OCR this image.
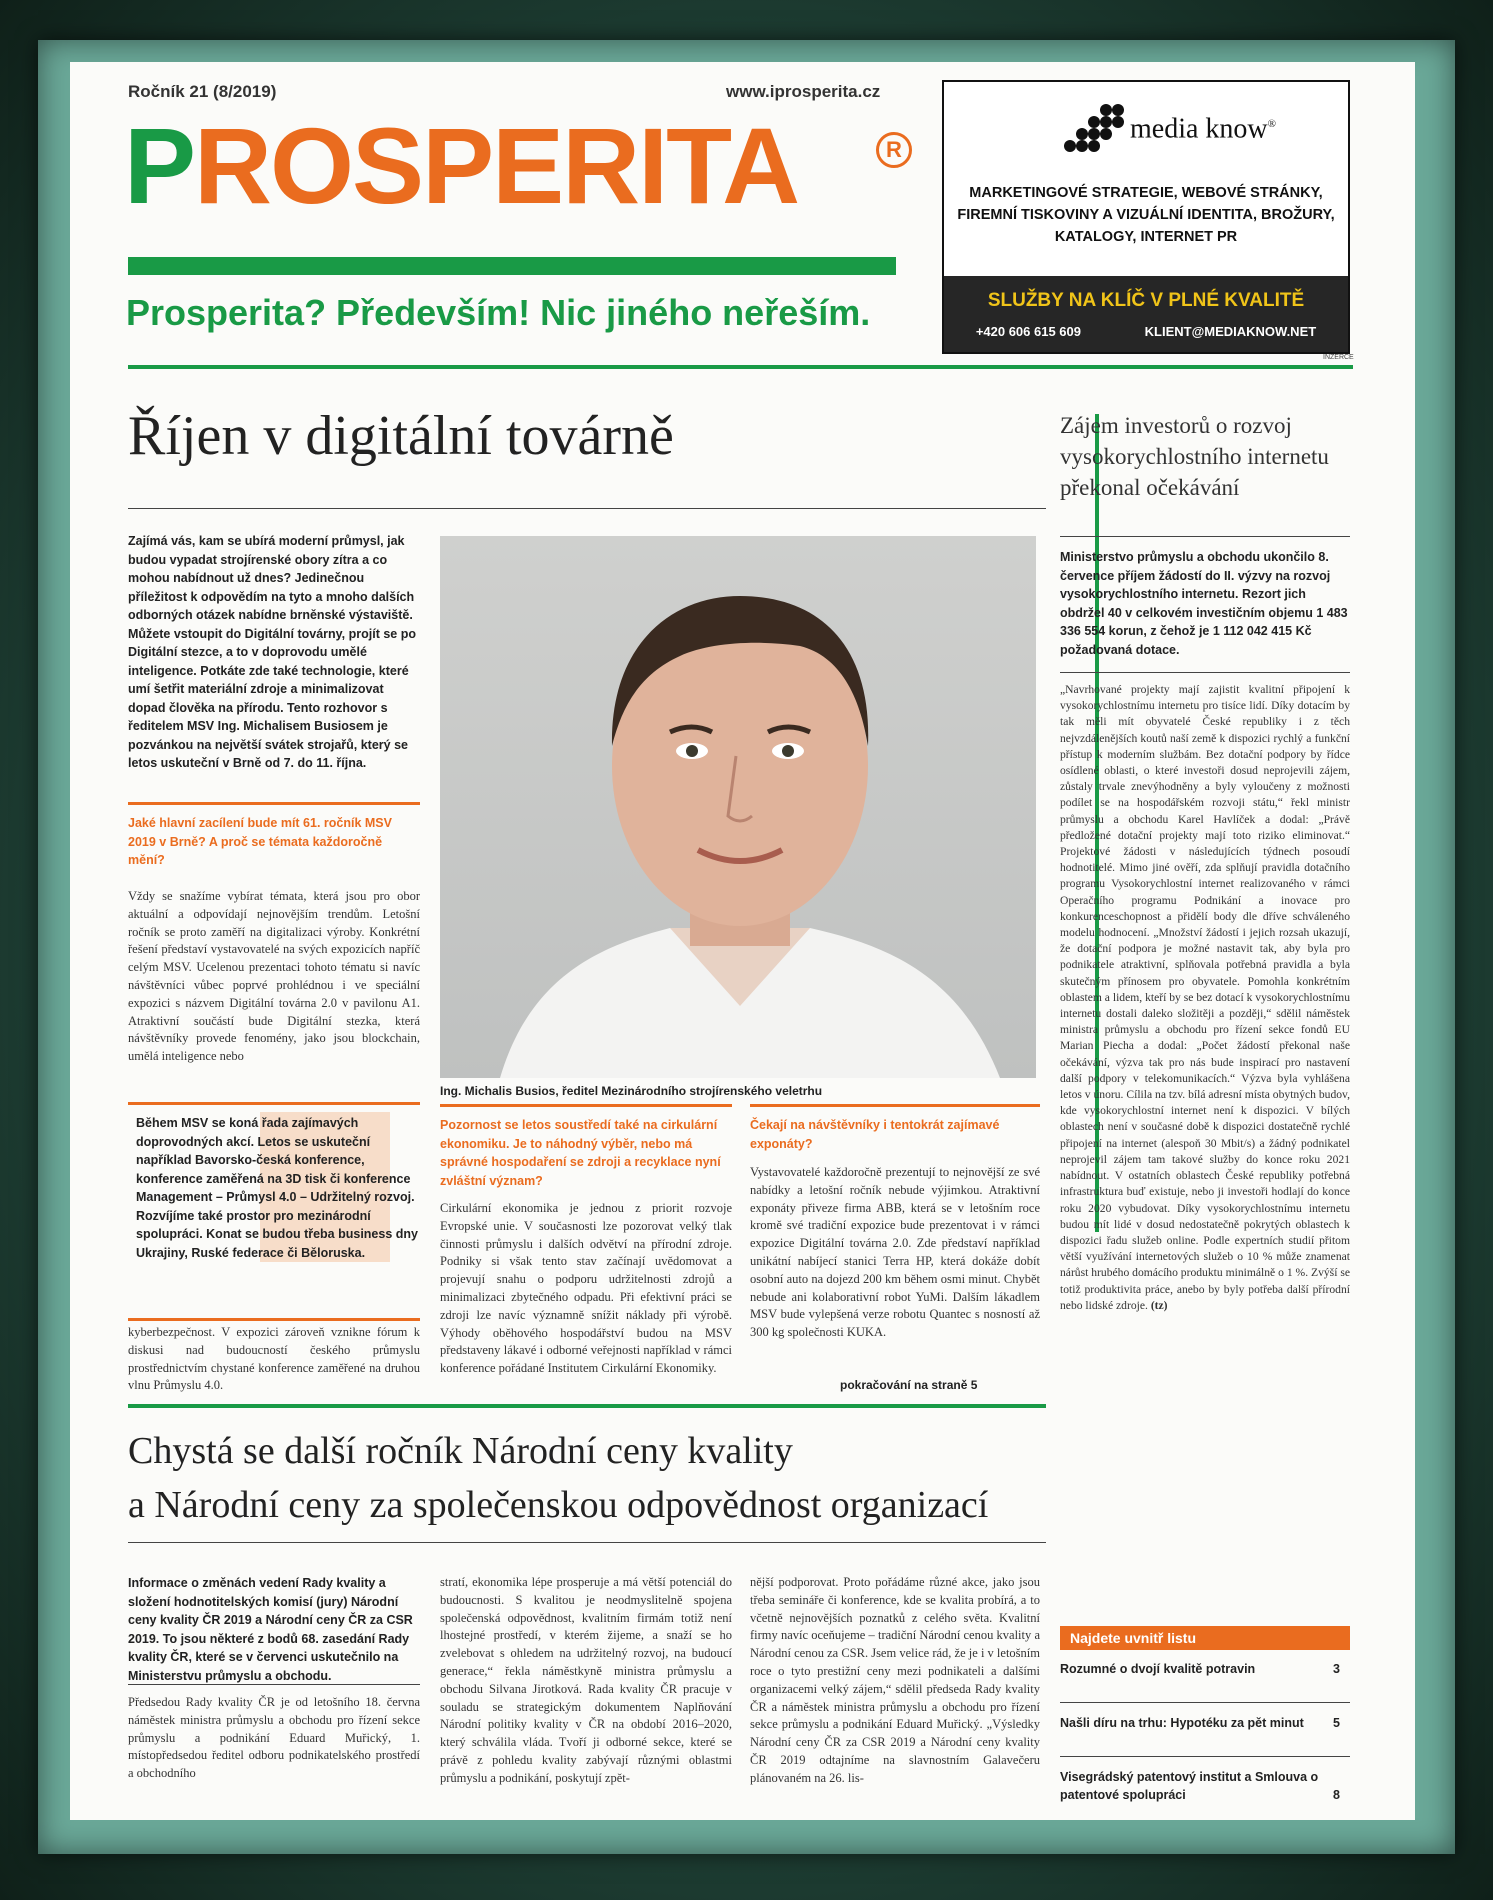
Ročník 21 (8/2019)	www.iprosperita.cz
PROSPERITA	R
Prosperita? Především! Nic jiného neřeším.
media know®
MARKETINGOVÉ STRATEGIE, WEBOVÉ STRÁNKY, FIREMNÍ TISKOVINY A VIZUÁLNÍ IDENTITA, BROŽURY, KATALOGY, INTERNET PR
SLUŽBY NA KLÍČ V PLNÉ KVALITĚ
+420 606 615 609	KLIENT@MEDIAKNOW.NET
INZERCE
Říjen v digitální továrně
Zajímá vás, kam se ubírá moderní průmysl, jak budou vypadat strojírenské obory zítra a co mohou nabídnout už dnes? Jedinečnou příležitost k odpovědím na tyto a mnoho dalších odborných otázek nabídne brněnské výstaviště. Můžete vstoupit do Digitální továrny, projít se po Digitální stezce, a to v doprovodu umělé inteligence. Potkáte zde také technologie, které umí šetřit materiální zdroje a minimalizovat dopad člověka na přírodu. Tento rozhovor s ředitelem MSV Ing. Michalisem Busiosem je pozvánkou na největší svátek strojařů, který se letos uskuteční v Brně od 7. do 11. října.
Jaké hlavní zacílení bude mít 61. ročník MSV 2019 v Brně? A proč se témata každoročně mění?
Vždy se snažíme vybírat témata, která jsou pro obor aktuální a odpovídají nejnovějším trendům. Letošní ročník se proto zaměří na digitalizaci výroby. Konkrétní řešení představí vystavovatelé na svých expozicích napříč celým MSV. Ucelenou prezentaci tohoto tématu si navíc návštěvníci vůbec poprvé prohlédnou i ve speciální expozici s názvem Digitální továrna 2.0 v pavilonu A1. Atraktivní součástí bude Digitální stezka, která návštěvníky provede fenomény, jako jsou blockchain, umělá inteligence nebo
Během MSV se koná řada zajímavých doprovodných akcí. Letos se uskuteční například Bavorsko-česká konference, konference zaměřená na 3D tisk či konference Management – Průmysl 4.0 – Udržitelný rozvoj. Rozvíjíme také prostor pro mezinárodní spolupráci. Konat se budou třeba business dny Ukrajiny, Ruské federace či Běloruska.
kyberbezpečnost. V expozici zároveň vznikne fórum k diskusi nad budoucností českého průmyslu prostřednictvím chystané konference zaměřené na druhou vlnu Průmyslu 4.0.
Ing. Michalis Busios, ředitel Mezinárodního strojírenského veletrhu
Pozornost se letos soustředí také na cirkulární ekonomiku. Je to náhodný výběr, nebo má správné hospodaření se zdroji a recyklace nyní zvláštní význam?
Cirkulární ekonomika je jednou z priorit rozvoje Evropské unie. V současnosti lze pozorovat velký tlak činnosti průmyslu i dalších odvětví na přírodní zdroje. Podniky si však tento stav začínají uvědomovat a projevují snahu o podporu udržitelnosti zdrojů a minimalizaci zbytečného odpadu. Při efektivní práci se zdroji lze navíc významně snížit náklady při výrobě. Výhody oběhového hospodářství budou na MSV představeny lákavé i odborné veřejnosti například v rámci konference pořádané Institutem Cirkulární Ekonomiky.
Čekají na návštěvníky i tentokrát zajímavé exponáty?
Vystavovatelé každoročně prezentují to nejnovější ze své nabídky a letošní ročník nebude výjimkou. Atraktivní exponáty přiveze firma ABB, která se v letošním roce kromě své tradiční expozice bude prezentovat i v rámci expozice Digitální továrna 2.0. Zde představí například unikátní nabíjecí stanici Terra HP, která dokáže dobít osobní auto na dojezd 200 km během osmi minut. Chybět nebude ani kolaborativní robot YuMi. Dalším lákadlem MSV bude vylepšená verze robotu Quantec s nosností až 300 kg společnosti KUKA.
pokračování na straně 5
Chystá se další ročník Národní ceny kvality
a Národní ceny za společenskou odpovědnost organizací
Informace o změnách vedení Rady kvality a složení hodnotitelských komisí (jury) Národní ceny kvality ČR 2019 a Národní ceny ČR za CSR 2019. To jsou některé z bodů 68. zasedání Rady kvality ČR, které se v červenci uskutečnilo na Ministerstvu průmyslu a obchodu.
Předsedou Rady kvality ČR je od letošního 18. června náměstek ministra průmyslu a obchodu pro řízení sekce průmyslu a podnikání Eduard Muřický, 1. místopředsedou ředitel odboru podnikatelského prostředí a obchodního
stratí, ekonomika lépe prosperuje a má větší potenciál do budoucnosti. S kvalitou je neodmyslitelně spojena společenská odpovědnost, kvalitním firmám totiž není lhostejné prostředí, v kterém žijeme, a snaží se ho zvelebovat s ohledem na udržitelný rozvoj, na budoucí generace,“ řekla náměstkyně ministra průmyslu a obchodu Silvana Jirotková. Rada kvality ČR pracuje v souladu se strategickým dokumentem Naplňování Národní politiky kvality v ČR na období 2016–2020, který schválila vláda. Tvoří ji odborné sekce, které se právě z pohledu kvality zabývají různými oblastmi průmyslu a podnikání, poskytují zpět-
nější podporovat. Proto pořádáme různé akce, jako jsou třeba semináře či konference, kde se kvalita probírá, a to včetně nejnovějších poznatků z celého světa. Kvalitní firmy navíc oceňujeme – tradiční Národní cenou kvality a Národní cenou za CSR. Jsem velice rád, že je i v letošním roce o tyto prestižní ceny mezi podnikateli a dalšími organizacemi velký zájem,“ sdělil předseda Rady kvality ČR a náměstek ministra průmyslu a obchodu pro řízení sekce průmyslu a podnikání Eduard Muřický. „Výsledky Národní ceny ČR za CSR 2019 a Národní ceny kvality ČR 2019 odtajníme na slavnostním Galavečeru plánovaném na 26. lis-
Zájem investorů o rozvoj vysokorychlostního internetu překonal očekávání
Ministerstvo průmyslu a obchodu ukončilo 8. července příjem žádostí do II. výzvy na rozvoj vysokorychlostního internetu. Rezort jich obdržel 40 v celkovém investičním objemu 1 483 336 554 korun, z čehož je 1 112 042 415 Kč požadovaná dotace.
„Navrhované projekty mají zajistit kvalitní připojení k vysokorychlostnímu internetu pro tisíce lidí. Díky dotacím by tak měli mít obyvatelé České republiky i z těch nejvzdálenějších koutů naší země k dispozici rychlý a funkční přístup k moderním službám. Bez dotační podpory by řídce osídlené oblasti, o které investoři dosud neprojevili zájem, zůstaly trvale znevýhodněny a byly vyloučeny z možnosti podílet se na hospodářském rozvoji státu,“ řekl ministr průmyslu a obchodu Karel Havlíček a dodal: „Právě předložené dotační projekty mají toto riziko eliminovat.“ Projektové žádosti v následujících týdnech posoudí hodnotitelé. Mimo jiné ověří, zda splňují pravidla dotačního programu Vysokorychlostní internet realizovaného v rámci Operačního programu Podnikání a inovace pro konkurenceschopnost a přidělí body dle dříve schváleného modelu hodnocení. „Množství žádostí i jejich rozsah ukazují, že dotační podpora je možné nastavit tak, aby byla pro podnikatele atraktivní, splňovala potřebná pravidla a byla skutečným přínosem pro obyvatele. Pomohla konkrétním oblastem a lidem, kteří by se bez dotací k vysokorychlostnímu internetu dostali daleko složitěji a později,“ sdělil náměstek ministra průmyslu a obchodu pro řízení sekce fondů EU Marian Piecha a dodal: „Počet žádostí překonal naše očekávání, výzva tak pro nás bude inspirací pro nastavení další podpory v telekomunikacích.“ Výzva byla vyhlášena letos v únoru. Cílila na tzv. bílá adresní místa obytných budov, kde vysokorychlostní internet není k dispozici. V bílých oblastech není v současné době k dispozici dostatečně rychlé připojení na internet (alespoň 30 Mbit/s) a žádný podnikatel neprojevil zájem tam takové služby do konce roku 2021 nabídnout. V ostatních oblastech České republiky potřebná infrastruktura buď existuje, nebo ji investoři hodlají do konce roku 2020 vybudovat. Díky vysokorychlostnímu internetu budou mít lidé v dosud nedostatečně pokrytých oblastech k dispozici řadu služeb online. Podle expertních studií přitom větší využívání internetových služeb o 10 % může znamenat nárůst hrubého domácího produktu minimálně o 1 %. Zvýší se totiž produktivita práce, anebo by byly potřeba další přírodní nebo lidské zdroje. (tz)
Najdete uvnitř listu
Rozumné o dvojí kvalitě potravin	3
Našli díru na trhu: Hypotéku za pět minut 5
Visegrádský patentový institut a Smlouva o patentové spolupráci	8
